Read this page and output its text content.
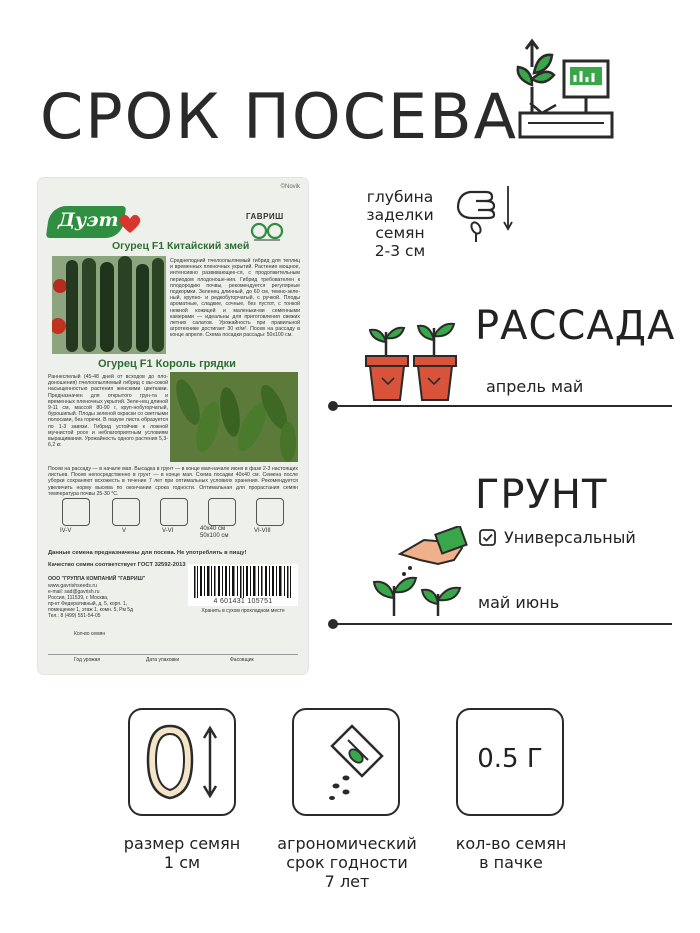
СРОК ПОСЕВА
©Novik
Дуэт	ГАВРИШ
Огурец F1 Китайский змей
Среднеподний пчелоопыляемый гибрид для теплиц и временных пленочных укрытий. Растение мощное, интенсивно развивающее-ся, с продолжительным периодом плодоноше-ния. Гибрид требователен к плодородию почвы, рекомендуется регулярные подкормки. Зеленец длинный, до 60 см, темно-зеле-ный, крупно- и редкобугорчатый, с ручкой. Плоды ароматные, сладкие, сочные, без пустот, с тонкой нежной кожицей и маленьки-ми семенными камерами — идеальны для приготовления свежих летних салатов. Урожайность при правильной агротехнике достигает 30 кг/м². Посев на рассаду в конце апреля. Схема посадки рассады: 50х100 см.
Огурец F1 Король грядки
Раннеспелый (45-48 дней от всходов до пло-доношения) пчелоопыляемый гибрид с вы-сокой насыщенностью растения женскими цветками. Предназначен для открытого грун-та и временных пленочных укрытий. Зеле-нец длиной 9-11 см, массой 80-90 г, круп-нобугорчатый, бурошипый. Плоды зеленой окраски со светлыми полосами, без горечи. В пазухе листа образуется по 1-3 завязи. Гибрид устойчив к ложной мучнистой росе и неблагоприятным условиям выращивания. Урожайность одного растения 5,3-6,2 кг.
Посев на рассаду — в начале мая. Высадка в грунт — в конце мая-начале июня в фазе 2-3 настоящих листьев. Посев непосредственно в грунт — в конце мая. Схема посадки 40х40 см. Семена после уборки сохраняют всхожесть в течение 7 лет при оптимальных условиях хранения. Рекомендуется увеличить норму высева по окончании срока годности. Оптимальная для прорастания семян температура почвы 25-30 °С.
IV-V	V	V-VI	40х40 см
50х100 см
VI-VIII
Данные семена предназначены для посева. Не употреблять в пищу!
Качество семян соответствует ГОСТ 32592-2013
ООО "ГРУППА КОМПАНИЙ "ГАВРИШ"
www.gavrishseeds.ru
e-mail: sad@gavrish.ru
Россия, 111539, г. Москва,
пр-кт Федеративный, д. 5, корп. 1,
помещение 1, этаж 1, комн. 5, Рм 5д
Тел.: 8 (499) 551-54-05
4 601431 105751
Хранить в сухом прохладном месте
Кол-во семян
Год урожая	Дата упаковки	Фасовщик
глубина
заделки
семян
2-3 см
РАССАДА
апрель май
ГРУНТ
Универсальный
май июнь
0.5 Г
размер семян
1 см
агрономический
срок годности
7 лет
кол-во семян
в пачке
